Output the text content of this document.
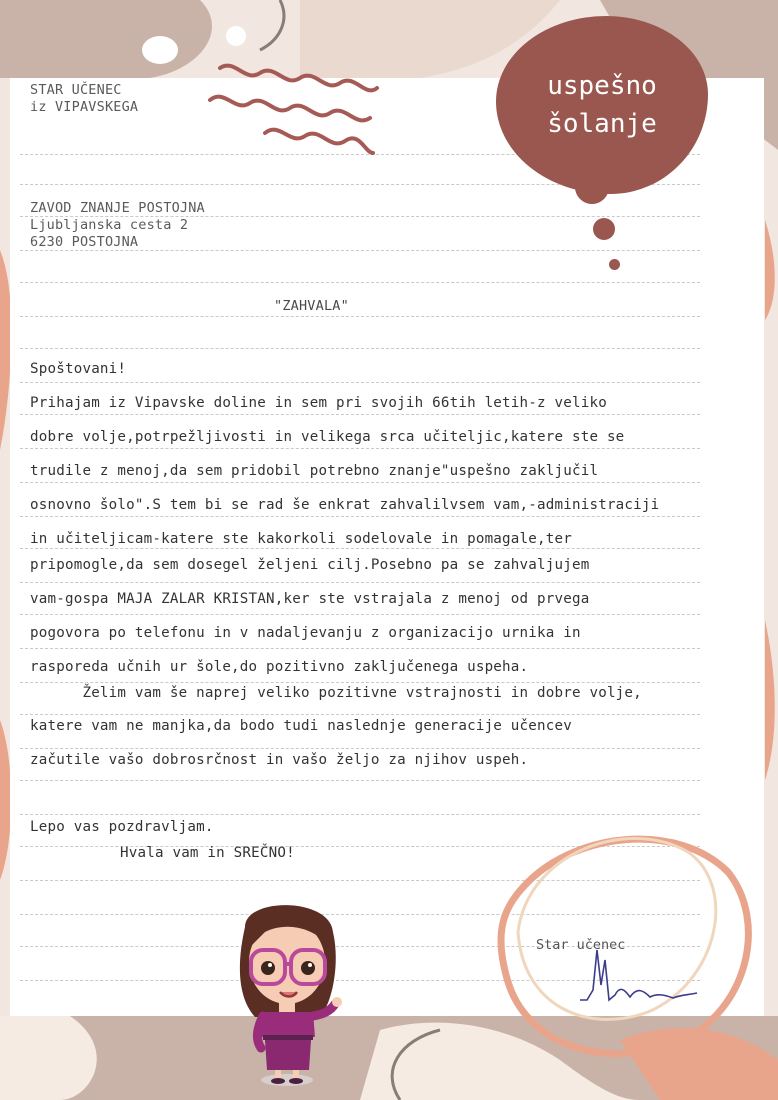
uspešno
šolanje
STAR UČENEC
iz VIPAVSKEGA
ZAVOD ZNANJE POSTOJNA
Ljubljanska cesta 2
6230 POSTOJNA
"ZAHVALA"
Spoštovani!
Prihajam iz Vipavske doline in sem pri svojih 66tih letih-z veliko
dobre volje,potrpežljivosti in velikega srca učiteljic,katere ste se
trudile z menoj,da sem pridobil potrebno znanje"uspešno zaključil
osnovno šolo".S tem bi se rad še enkrat zahvalilvsem vam,-administraciji
in učiteljicam-katere ste kakorkoli sodelovale in pomagale,ter
pripomogle,da sem dosegel željeni cilj.Posebno pa se zahvaljujem
vam-gospa MAJA ZALAR KRISTAN,ker ste vstrajala z menoj od prvega
pogovora po telefonu in v nadaljevanju z organizacijo urnika in
rasporeda učnih ur šole,do pozitivno zaključenega uspeha.
Želim vam še naprej veliko pozitivne vstrajnosti in dobre volje,
katere vam ne manjka,da bodo tudi naslednje generacije učencev
začutile vašo dobrosrčnost in vašo željo za njihov uspeh.
Lepo vas pozdravljam.
Hvala vam in SREČNO!
Star učenec
